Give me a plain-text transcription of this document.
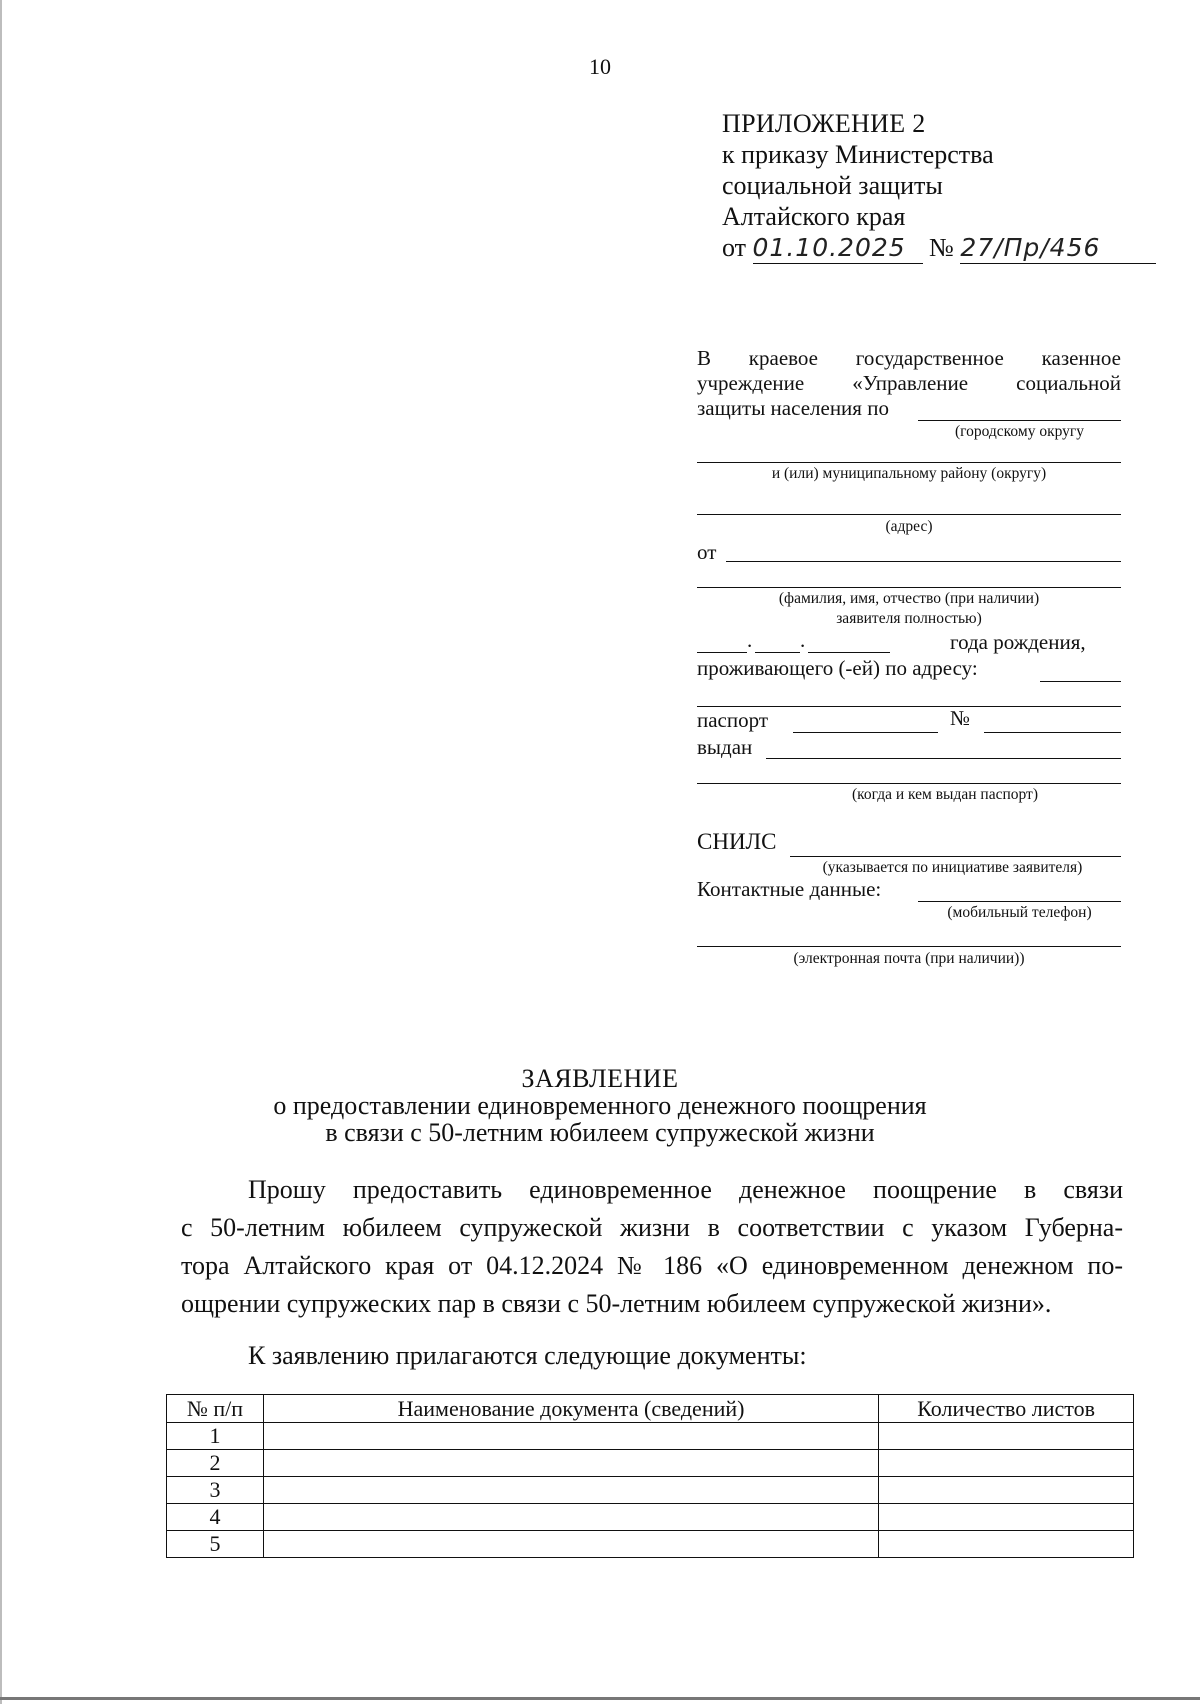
10
ПРИЛОЖЕНИЕ 2
к приказу Министерства
социальной защиты
Алтайского края
от 01.10.2025 № 27/Пр/456
В краевое государственное казенное
учреждение «Управление социальной
защиты населения по
(городскому округу
и (или) муниципальному району (округу)
(адрес)
от
(фамилия, имя, отчество (при наличии)
заявителя полностью)
. .	года рождения,
проживающего (-ей) по адресу:
паспорт	№
выдан
(когда и кем выдан паспорт)
СНИЛС
(указывается по инициативе заявителя)
Контактные данные:
(мобильный телефон)
(электронная почта (при наличии))
ЗАЯВЛЕНИЕ
о предоставлении единовременного денежного поощрения
в связи с 50-летним юбилеем супружеской жизни
Прошу предоставить единовременное денежное поощрение в связи
с 50-летним юбилеем супружеской жизни в соответствии с указом Губерна-
тора Алтайского края от 04.12.2024 № 186 «О единовременном денежном по-
ощрении супружеских пар в связи с 50-летним юбилеем супружеской жизни».
К заявлению прилагаются следующие документы:
№ п/п	Наименование документа (сведений)	Количество листов
1		
2		
3		
4		
5		
